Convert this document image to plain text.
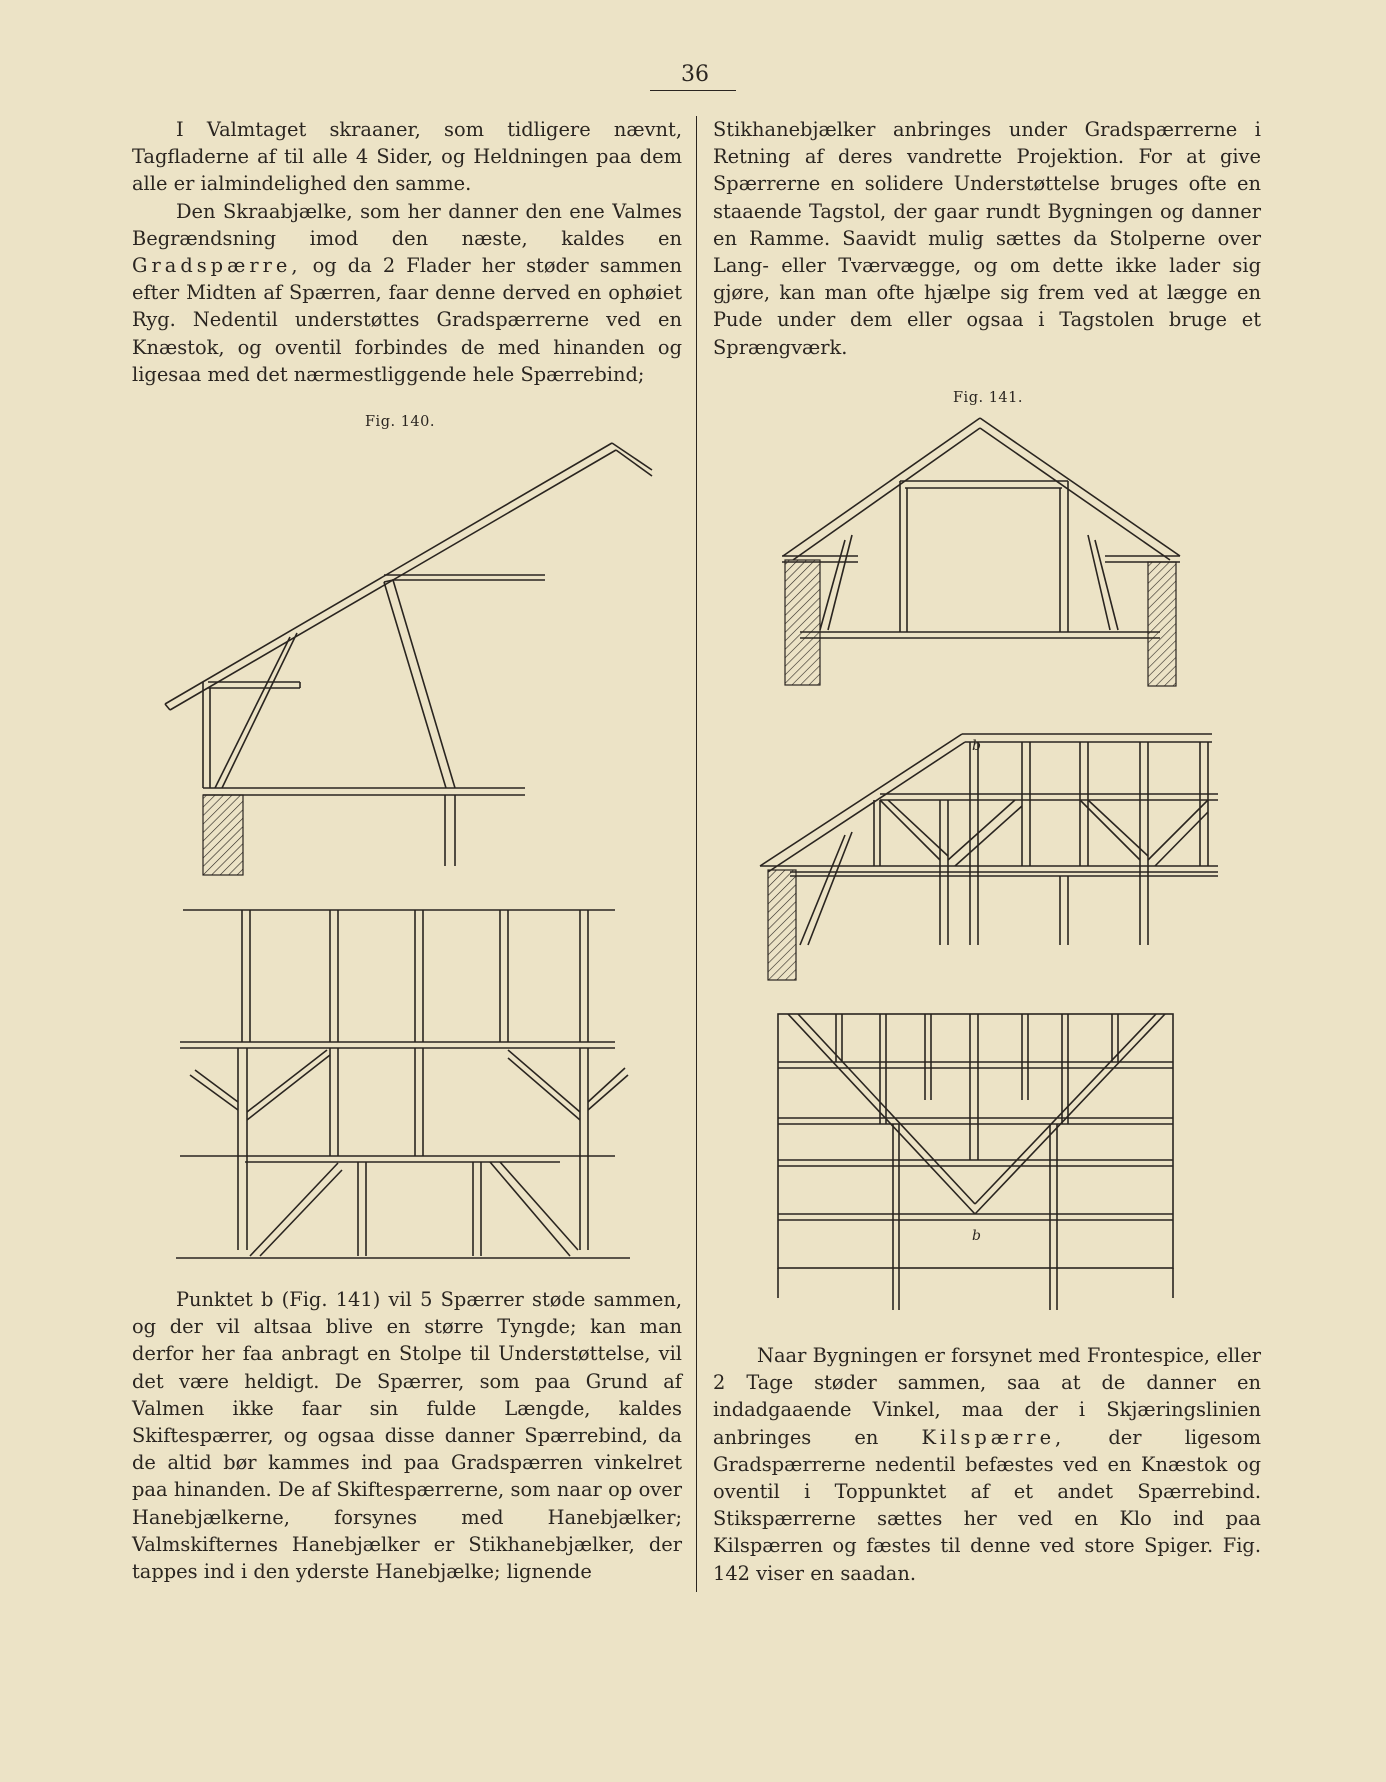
36

I Valmtaget skraaner, som tidligere nævnt, Tagfladerne af til alle 4 Sider, og Heldningen paa dem alle er ialmindelighed den samme.

Den Skraabjælke, som her danner den ene Valmes Begrændsning imod den næste, kaldes en Gradspærre, og da 2 Flader her støder sammen efter Midten af Spærren, faar denne derved en ophøiet Ryg. Nedentil understøttes Gradspærrerne ved en Knæstok, og oventil forbindes de med hinanden og ligesaa med det nærmestliggende hele Spærrebind;

Fig. 140.

Punktet b (Fig. 141) vil 5 Spærrer støde sammen, og der vil altsaa blive en større Tyngde; kan man derfor her faa anbragt en Stolpe til Understøttelse, vil det være heldigt. De Spærrer, som paa Grund af Valmen ikke faar sin fulde Længde, kaldes Skiftespærrer, og ogsaa disse danner Spærrebind, da de altid bør kammes ind paa Gradspærren vinkelret paa hinanden. De af Skiftespærrerne, som naar op over Hanebjælkerne, forsynes med Hanebjælker; Valmskifternes Hanebjælker er Stikhanebjælker, der tappes ind i den yderste Hanebjælke; lignende

Stikhanebjælker anbringes under Gradspærrerne i Retning af deres vandrette Projektion. For at give Spærrerne en solidere Understøttelse bruges ofte en staaende Tagstol, der gaar rundt Bygningen og danner en Ramme. Saavidt mulig sættes da Stolperne over Lang- eller Tværvægge, og om dette ikke lader sig gjøre, kan man ofte hjælpe sig frem ved at lægge en Pude under dem eller ogsaa i Tagstolen bruge et Sprængværk.

Fig. 141.
b
b

Naar Bygningen er forsynet med Frontespice, eller 2 Tage støder sammen, saa at de danner en indadgaaende Vinkel, maa der i Skjæringslinien anbringes en Kilspærre, der ligesom Gradspærrerne nedentil befæstes ved en Knæstok og oventil i Toppunktet af et andet Spærrebind. Stikspærrerne sættes her ved en Klo ind paa Kilspærren og fæstes til denne ved store Spiger. Fig. 142 viser en saadan.
